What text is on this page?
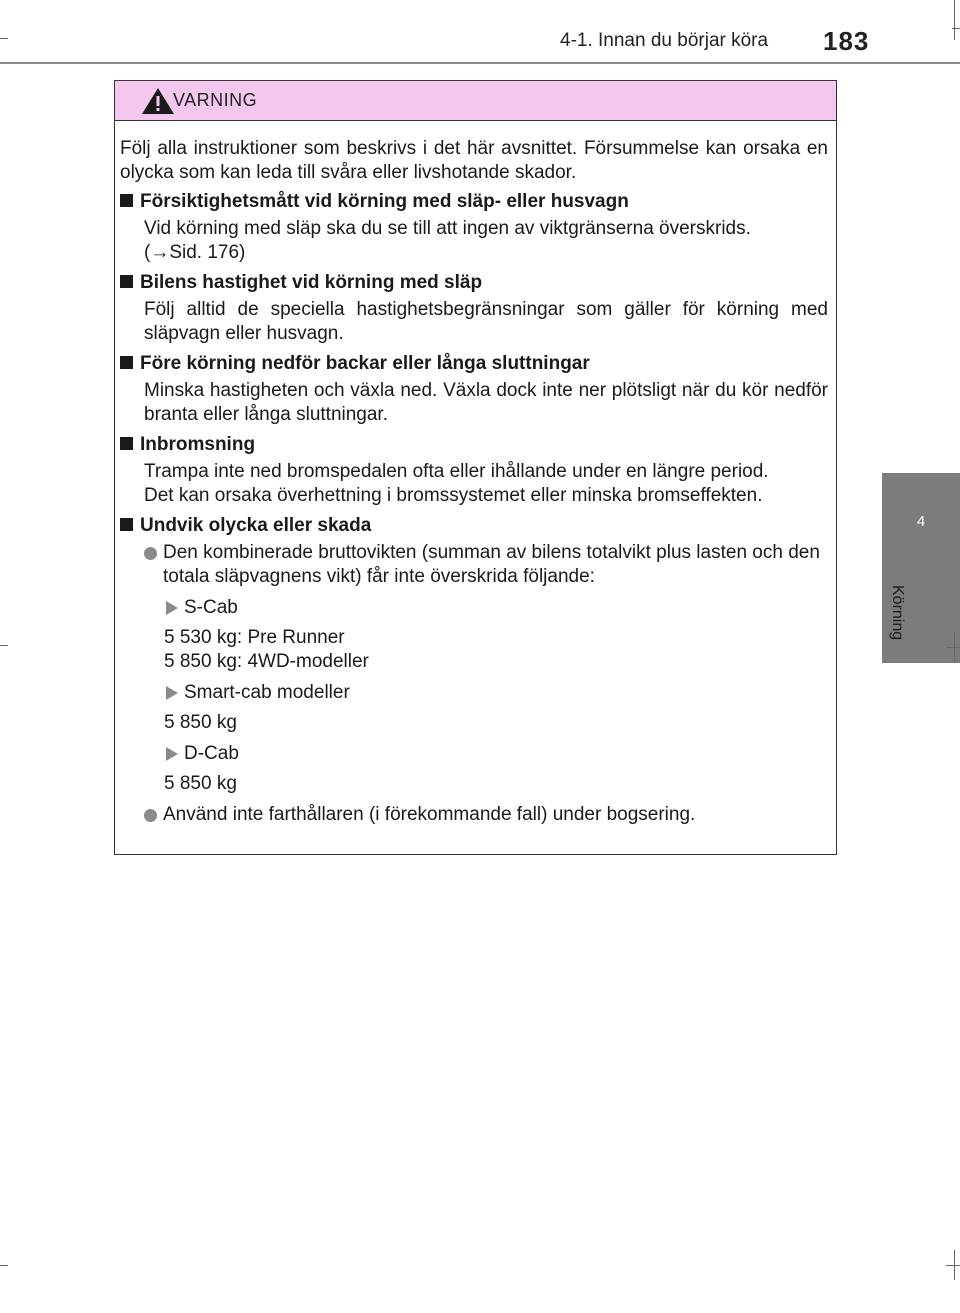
4-1. Innan du börjar köra 183
4
Körning
VARNING

Följ alla instruktioner som beskrivs i det här avsnittet. Försummelse kan orsaka en olycka som kan leda till svåra eller livshotande skador.

Försiktighetsmått vid körning med släp- eller husvagn

Vid körning med släp ska du se till att ingen av viktgränserna överskrids.
(→Sid. 176)

Bilens hastighet vid körning med släp

Följ alltid de speciella hastighetsbegränsningar som gäller för körning med släpvagn eller husvagn.

Före körning nedför backar eller långa sluttningar

Minska hastigheten och växla ned. Växla dock inte ner plötsligt när du kör nedför branta eller långa sluttningar.

Inbromsning

Trampa inte ned bromspedalen ofta eller ihållande under en längre period.
Det kan orsaka överhettning i bromssystemet eller minska bromseffekten.

Undvik olycka eller skada

Den kombinerade bruttovikten (summan av bilens totalvikt plus lasten och den totala släpvagnens vikt) får inte överskrida följande:
S-Cab
5 530 kg: Pre Runner
5 850 kg: 4WD-modeller
Smart-cab modeller
5 850 kg
D-Cab
5 850 kg
Använd inte farthållaren (i förekommande fall) under bogsering.
